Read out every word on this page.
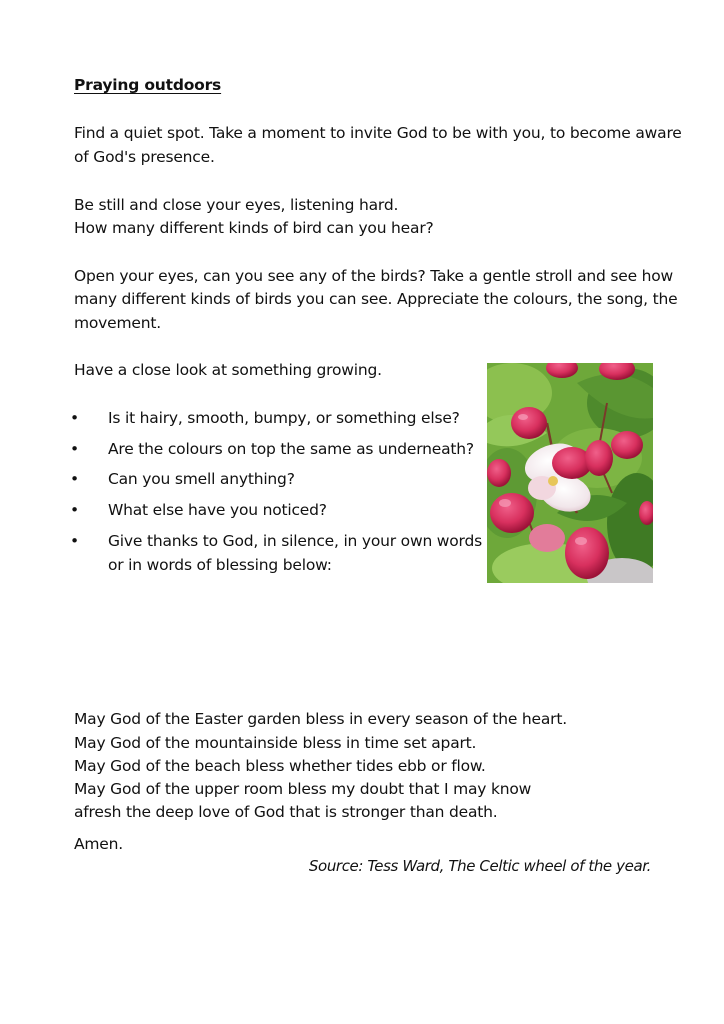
Praying outdoors
Find a quiet spot. Take a moment to invite God to be with you, to become aware
of God's presence.
Be still and close your eyes, listening hard.
How many different kinds of bird can you hear?
Open your eyes, can you see any of the birds? Take a gentle stroll and see how
many different kinds of birds you can see. Appreciate the colours, the song, the
movement.
Have a close look at something growing.
• Is it hairy, smooth, bumpy, or something else?
• Are the colours on top the same as underneath?
• Can you smell anything?
• What else have you noticed?
• Give thanks to God, in silence, in your own words
or in words of blessing below:
May God of the Easter garden bless in every season of the heart.
May God of the mountainside bless in time set apart.
May God of the beach bless whether tides ebb or flow.
May God of the upper room bless my doubt that I may know
afresh the deep love of God that is stronger than death.
Amen.
Source: Tess Ward, The Celtic wheel of the year.
